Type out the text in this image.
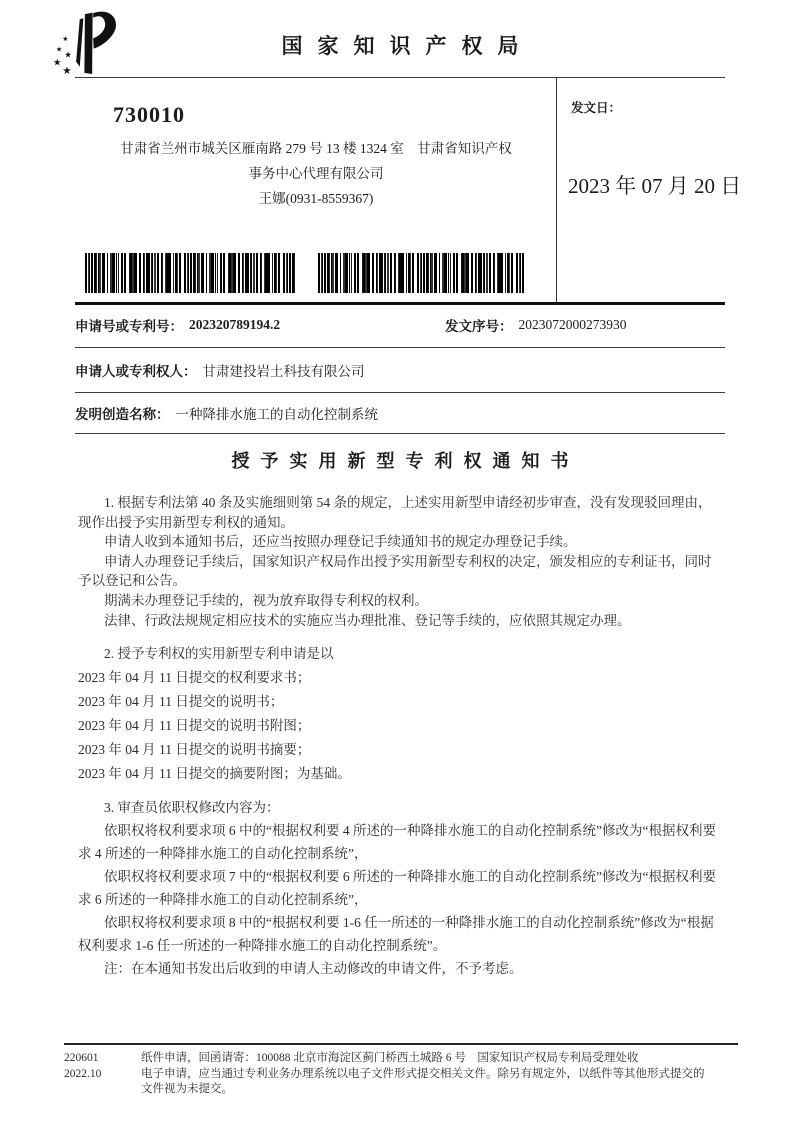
★
★
★
★
★
国家知识产权局
730010
甘肃省兰州市城关区雁南路 279 号 13 楼 1324 室　甘肃省知识产权
事务中心代理有限公司
王娜(0931-8559367)
发文日：
2023 年 07 月 20 日
申请号或专利号： 202320789194.2	发文序号： 2023072000273930
申请人或专利权人： 甘肃建投岩土科技有限公司
发明创造名称： 一种降排水施工的自动化控制系统
授予实用新型专利权通知书
1. 根据专利法第 40 条及实施细则第 54 条的规定，上述实用新型申请经初步审查，没有发现驳回理由，
现作出授予实用新型专利权的通知。
申请人收到本通知书后，还应当按照办理登记手续通知书的规定办理登记手续。
申请人办理登记手续后，国家知识产权局作出授予实用新型专利权的决定，颁发相应的专利证书，同时
予以登记和公告。
期满未办理登记手续的，视为放弃取得专利权的权利。
法律、行政法规规定相应技术的实施应当办理批准、登记等手续的，应依照其规定办理。
2. 授予专利权的实用新型专利申请是以
2023 年 04 月 11 日提交的权利要求书；
2023 年 04 月 11 日提交的说明书；
2023 年 04 月 11 日提交的说明书附图；
2023 年 04 月 11 日提交的说明书摘要；
2023 年 04 月 11 日提交的摘要附图；为基础。
3. 审查员依职权修改内容为：
依职权将权利要求项 6 中的“根据权利要 4 所述的一种降排水施工的自动化控制系统”修改为“根据权利要
求 4 所述的一种降排水施工的自动化控制系统”，
依职权将权利要求项 7 中的“根据权利要 6 所述的一种降排水施工的自动化控制系统”修改为“根据权利要
求 6 所述的一种降排水施工的自动化控制系统”，
依职权将权利要求项 8 中的“根据权利要 1-6 任一所述的一种降排水施工的自动化控制系统”修改为“根据
权利要求 1-6 任一所述的一种降排水施工的自动化控制系统”。
注：在本通知书发出后收到的申请人主动修改的申请文件，不予考虑。
220601
2022.10
纸件申请，回函请寄：100088 北京市海淀区蓟门桥西土城路 6 号　国家知识产权局专利局受理处收
电子申请，应当通过专利业务办理系统以电子文件形式提交相关文件。除另有规定外，以纸件等其他形式提交的
文件视为未提交。
